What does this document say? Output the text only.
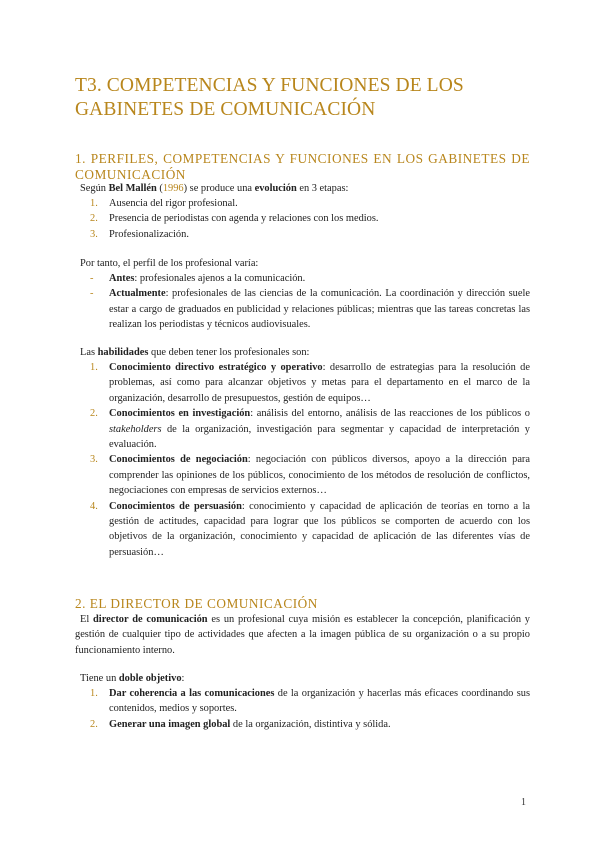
T3. COMPETENCIAS Y FUNCIONES DE LOS GABINETES DE COMUNICACIÓN
1. PERFILES, COMPETENCIAS Y FUNCIONES EN LOS GABINETES DE COMUNICACIÓN
Según Bel Mallén (1996) se produce una evolución en 3 etapas:
1. Ausencia del rigor profesional.
2. Presencia de periodistas con agenda y relaciones con los medios.
3. Profesionalización.
Por tanto, el perfil de los profesional varía:
- Antes: profesionales ajenos a la comunicación.
- Actualmente: profesionales de las ciencias de la comunicación. La coordinación y dirección suele estar a cargo de graduados en publicidad y relaciones públicas; mientras que las tareas concretas las realizan los periodistas y técnicos audiovisuales.
Las habilidades que deben tener los profesionales son:
1. Conocimiento directivo estratégico y operativo: desarrollo de estrategias para la resolución de problemas, así como para alcanzar objetivos y metas para el departamento en el marco de la organización, desarrollo de presupuestos, gestión de equipos…
2. Conocimientos en investigación: análisis del entorno, análisis de las reacciones de los públicos o stakeholders de la organización, investigación para segmentar y capacidad de interpretación y evaluación.
3. Conocimientos de negociación: negociación con públicos diversos, apoyo a la dirección para comprender las opiniones de los públicos, conocimiento de los métodos de resolución de conflictos, negociaciones con empresas de servicios externos…
4. Conocimientos de persuasión: conocimiento y capacidad de aplicación de teorías en torno a la gestión de actitudes, capacidad para lograr que los públicos se comporten de acuerdo con los objetivos de la organización, conocimiento y capacidad de aplicación de las diferentes vías de persuasión…
2. EL DIRECTOR DE COMUNICACIÓN
El director de comunicación es un profesional cuya misión es establecer la concepción, planificación y gestión de cualquier tipo de actividades que afecten a la imagen pública de su organización o a su propio funcionamiento interno.
Tiene un doble objetivo:
1. Dar coherencia a las comunicaciones de la organización y hacerlas más eficaces coordinando sus contenidos, medios y soportes.
2. Generar una imagen global de la organización, distintiva y sólida.
1
